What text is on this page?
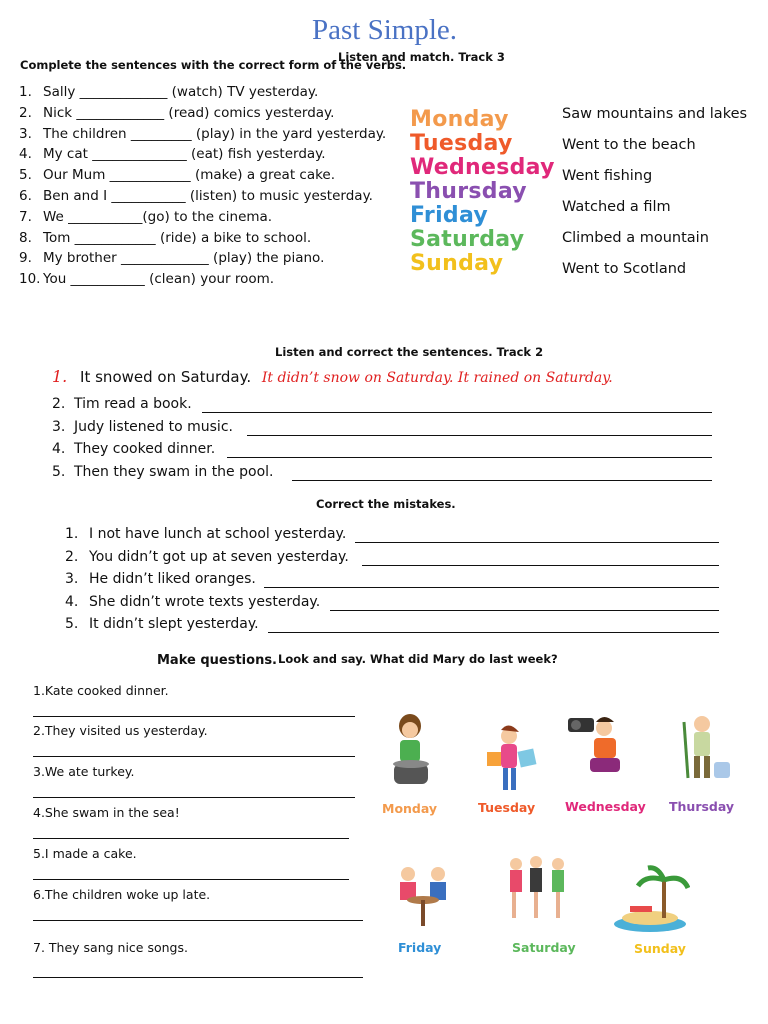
Past Simple.
Complete the sentences with the correct form of the verbs.
1. Sally _____________ (watch) TV yesterday.
2. Nick _____________ (read) comics yesterday.
3. The children _________ (play) in the yard yesterday.
4. My cat ______________ (eat) fish yesterday.
5. Our Mum ____________ (make) a great cake.
6. Ben and I ___________ (listen) to music yesterday.
7. We ___________(go) to the cinema.
8. Tom ____________ (ride) a bike to school.
9. My brother _____________ (play) the piano.
10. You ___________ (clean) your room.
Listen and match. Track 3
Monday
Tuesday
Wednesday
Thursday
Friday
Saturday
Sunday
Saw mountains and lakes
Went to the beach
Went fishing
Watched a film
Climbed a mountain
Went to Scotland
Listen and correct the sentences. Track 2
1. It snowed on Saturday. It didn’t snow on Saturday. It rained on Saturday.
2. Tim read a book.
3. Judy listened to music.
4. They cooked dinner.
5. Then they swam in the pool.
Correct the mistakes.
1. I not have lunch at school yesterday.
2. You didn’t got up at seven yesterday.
3. He didn’t liked oranges.
4. She didn’t wrote texts yesterday.
5. It didn’t slept yesterday.
Make questions.
1.Kate cooked dinner.
2.They visited us yesterday.
3.We ate turkey.
4.She swam in the sea!
5.I made a cake.
6.The children woke up late.
7. They sang nice songs.
Look and say. What did Mary do last week?
Monday	Tuesday Wednesday Thursday
Friday	Saturday	Sunday
